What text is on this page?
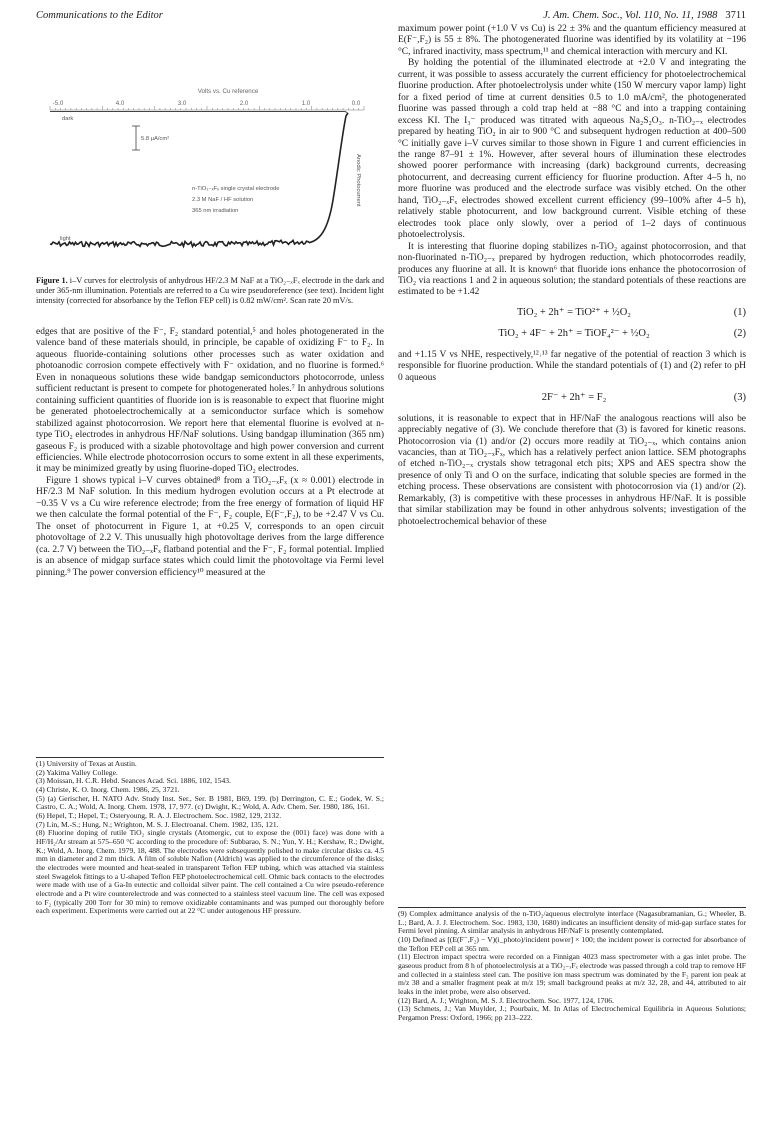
Communications to the Editor	J. Am. Chem. Soc., Vol. 110, No. 11, 1988 3711
Volts vs. Cu reference
-5.0	4.0	3.0	2.0	1.0	0.0
dark
5.8 μA/cm²
Anodic Photocurrent
n-TiO₂₋ₓFₓ single crystal electrode
2.3 M NaF / HF solution
365 nm irradiation
light
Figure 1. i–V curves for electrolysis of anhydrous HF/2.3 M NaF at a TiO₂₋ₓFₓ electrode in the dark and under 365-nm illumination. Potentials are referred to a Cu wire pseudoreference (see text). Incident light intensity (corrected for absorbance by the Teflon FEP cell) is 0.82 mW/cm². Scan rate 20 mV/s.

edges that are positive of the F⁻, F₂ standard potential,⁵ and holes photogenerated in the valence band of these materials should, in principle, be capable of oxidizing F⁻ to F₂. In aqueous fluoride-containing solutions other processes such as water oxidation and photoanodic corrosion compete effectively with F⁻ oxidation, and no fluorine is formed.⁶ Even in nonaqueous solutions these wide bandgap semiconductors photocorrode, unless sufficient reductant is present to compete for photogenerated holes.⁷ In anhydrous solutions containing sufficient quantities of fluoride ion is is reasonable to expect that fluorine might be generated photoelectrochemically at a semiconductor surface which is somehow stabilized against photocorrosion. We report here that elemental fluorine is evolved at n-type TiO₂ electrodes in anhydrous HF/NaF solutions. Using bandgap illumination (365 nm) gaseous F₂ is produced with a sizable photovoltage and high power conversion and current efficiencies. While electrode photocorrosion occurs to some extent in all these experiments, it may be minimized greatly by using fluorine-doped TiO₂ electrodes.

Figure 1 shows typical i–V curves obtained⁸ from a TiO₂₋ₓFₓ (x ≈ 0.001) electrode in HF/2.3 M NaF solution. In this medium hydrogen evolution occurs at a Pt electrode at −0.35 V vs a Cu wire reference electrode; from the free energy of formation of liquid HF we then calculate the formal potential of the F⁻, F₂ couple, E(F⁻,F₂), to be +2.47 V vs Cu. The onset of photocurrent in Figure 1, at +0.25 V, corresponds to an open circuit photovoltage of 2.2 V. This unusually high photovoltage derives from the large difference (ca. 2.7 V) between the TiO₂₋ₓFₓ flatband potential and the F⁻, F₂ formal potential. Implied is an absence of midgap surface states which could limit the photovoltage via Fermi level pinning.⁹ The power conversion efficiency¹⁰ measured at the

(1) University of Texas at Austin.

(2) Yakima Valley College.

(3) Moissan, H. C.R. Hebd. Seances Acad. Sci. 1886, 102, 1543.

(4) Christe, K. O. Inorg. Chem. 1986, 25, 3721.

(5) (a) Gerischer, H. NATO Adv. Study Inst. Ser., Ser. B 1981, B69, 199. (b) Derrington, C. E.; Godek, W. S.; Castro, C. A.; Wold, A. Inorg. Chem. 1978, 17, 977. (c) Dwight, K.; Wold, A. Adv. Chem. Ser. 1980, 186, 161.

(6) Hepel, T.; Hepel, T.; Osteryoung, R. A. J. Electrochem. Soc. 1982, 129, 2132.

(7) Lin, M.-S.; Hung, N.; Wrighton, M. S. J. Electroanal. Chem. 1982, 135, 121.

(8) Fluorine doping of rutile TiO₂ single crystals (Atomergic, cut to expose the (001) face) was done with a HF/H₂/Ar stream at 575–650 °C according to the procedure of: Subbarao, S. N.; Yun, Y. H.; Kershaw, R.; Dwight, K.; Wold, A. Inorg. Chem. 1979, 18, 488. The electrodes were subsequently polished to make circular disks ca. 4.5 mm in diameter and 2 mm thick. A film of soluble Nafion (Aldrich) was applied to the circumference of the disks; the electrodes were mounted and heat-sealed in transparent Teflon FEP tubing, which was attached via stainless steel Swagelok fittings to a U-shaped Teflon FEP photoelectrochemical cell. Ohmic back contacts to the electrodes were made with use of a Ga-In eutectic and colloidal silver paint. The cell contained a Cu wire pseudo-reference electrode and a Pt wire counterelectrode and was connected to a stainless steel vacuum line. The cell was exposed to F₂ (typically 200 Torr for 30 min) to remove oxidizable contaminants and was pumped out thoroughly before each experiment. Experiments were carried out at 22 °C under autogenous HF pressure.

maximum power point (+1.0 V vs Cu) is 22 ± 3% and the quantum efficiency measured at E(F⁻,F₂) is 55 ± 8%. The photogenerated fluorine was identified by its volatility at −196 °C, infrared inactivity, mass spectrum,¹¹ and chemical interaction with mercury and KI.

By holding the potential of the illuminated electrode at +2.0 V and integrating the current, it was possible to assess accurately the current efficiency for photoelectrochemical fluorine production. After photoelectrolysis under white (150 W mercury vapor lamp) light for a fixed period of time at current densities 0.5 to 1.0 mA/cm², the photogenerated fluorine was passed through a cold trap held at −88 °C and into a trapping containing excess KI. The I₃⁻ produced was titrated with aqueous Na₂S₂O₃. n-TiO₂₋ₓ electrodes prepared by heating TiO₂ in air to 900 °C and subsequent hydrogen reduction at 400–500 °C initially gave i–V curves similar to those shown in Figure 1 and current efficiencies in the range 87–91 ± 1%. However, after several hours of illumination these electrodes showed poorer performance with increasing (dark) background currents, decreasing photocurrent, and decreasing current efficiency for fluorine production. After 4–5 h, no more fluorine was produced and the electrode surface was visibly etched. On the other hand, TiO₂₋ₓFₓ electrodes showed excellent current efficiency (99–100% after 4–5 h), relatively stable photocurrent, and low background current. Visible etching of these electrodes took place only slowly, over a period of 1–2 days of continuous photoelectrolysis.

It is interesting that fluorine doping stabilizes n-TiO₂ against photocorrosion, and that non-fluorinated n-TiO₂₋ₓ prepared by hydrogen reduction, which photocorrodes readily, produces any fluorine at all. It is known⁶ that fluoride ions enhance the photocorrosion of TiO₂ via reactions 1 and 2 in aqueous solution; the standard potentials of these reactions are estimated to be +1.42

TiO₂ + 2h⁺ = TiO²⁺ + ½O₂	(1)
TiO₂ + 4F⁻ + 2h⁺ = TiOF₄²⁻ + ½O₂	(2)

and +1.15 V vs NHE, respectively,¹²˒¹³ far negative of the potential of reaction 3 which is responsible for fluorine production. While the standard potentials of (1) and (2) refer to pH 0 aqueous

2F⁻ + 2h⁺ = F₂	(3)

solutions, it is reasonable to expect that in HF/NaF the analogous reactions will also be appreciably negative of (3). We conclude therefore that (3) is favored for kinetic reasons. Photocorrosion via (1) and/or (2) occurs more readily at TiO₂₋ₓ, which contains anion vacancies, than at TiO₂₋ₓFₓ, which has a relatively perfect anion lattice. SEM photographs of etched n-TiO₂₋ₓ crystals show tetragonal etch pits; XPS and AES spectra show the presence of only Ti and O on the surface, indicating that soluble species are formed in the etching process. These observations are consistent with photocorrosion via (1) and/or (2). Remarkably, (3) is competitive with these processes in anhydrous HF/NaF. It is possible that similar stabilization may be found in other anhydrous solvents; investigation of the photoelectrochemical behavior of these

(9) Complex admittance analysis of the n-TiO₂/aqueous electrolyte interface (Nagasubramanian, G.; Wheeler, B. L.; Bard, A. J. J. Electrochem. Soc. 1983, 130, 1680) indicates an insufficient density of mid-gap surface states for Fermi level pinning. A similar analysis in anhydrous HF/NaF is presently contemplated.

(10) Defined as [(E(F⁻,F₂) − V)(i_photo)/incident power] × 100; the incident power is corrected for absorbance of the Teflon FEP cell at 365 nm.

(11) Electron impact spectra were recorded on a Finnigan 4023 mass spectrometer with a gas inlet probe. The gaseous product from 8 h of photoelectrolysis at a TiO₂₋ₓFₓ electrode was passed through a cold trap to remove HF and collected in a stainless steel can. The positive ion mass spectrum was dominated by the F₂ parent ion peak at m/z 38 and a smaller fragment peak at m/z 19; small background peaks at m/z 32, 28, and 44, attributed to air leaks in the inlet probe, were also observed.

(12) Bard, A. J.; Wrighton, M. S. J. Electrochem. Soc. 1977, 124, 1706.

(13) Schmets, J.; Van Muylder, J.; Pourbaix, M. In Atlas of Electrochemical Equilibria in Aqueous Solutions; Pergamon Press: Oxford, 1966; pp 213–222.
